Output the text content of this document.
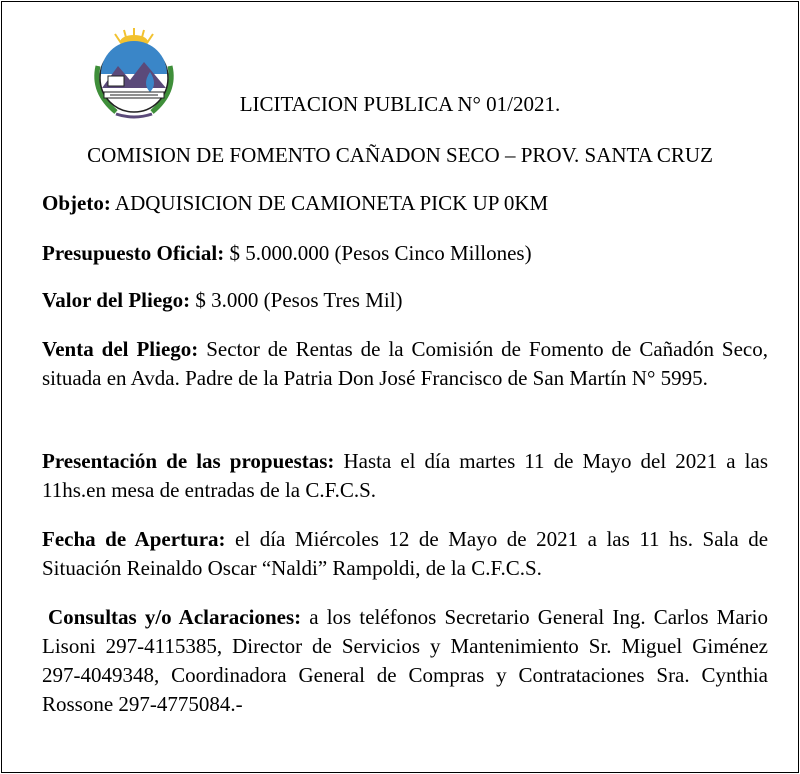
LICITACION PUBLICA N° 01/2021.
COMISION DE FOMENTO CAÑADON SECO – PROV. SANTA CRUZ
Objeto: ADQUISICION DE CAMIONETA PICK UP 0KM
Presupuesto Oficial: $ 5.000.000 (Pesos Cinco Millones)
Valor del Pliego: $ 3.000 (Pesos Tres Mil)
Venta del Pliego: Sector de Rentas de la Comisión de Fomento de Cañadón Seco, situada en Avda. Padre de la Patria Don José Francisco de San Martín N° 5995.
Presentación de las propuestas: Hasta el día martes 11 de Mayo del 2021 a las 11hs.en mesa de entradas de la C.F.C.S.
Fecha de Apertura: el día Miércoles 12 de Mayo de 2021 a las 11 hs. Sala de Situación Reinaldo Oscar “Naldi” Rampoldi, de la C.F.C.S.
Consultas y/o Aclaraciones: a los teléfonos Secretario General Ing. Carlos Mario Lisoni 297-4115385, Director de Servicios y Mantenimiento Sr. Miguel Giménez 297-4049348, Coordinadora General de Compras y Contrataciones Sra. Cynthia Rossone 297-4775084.-
